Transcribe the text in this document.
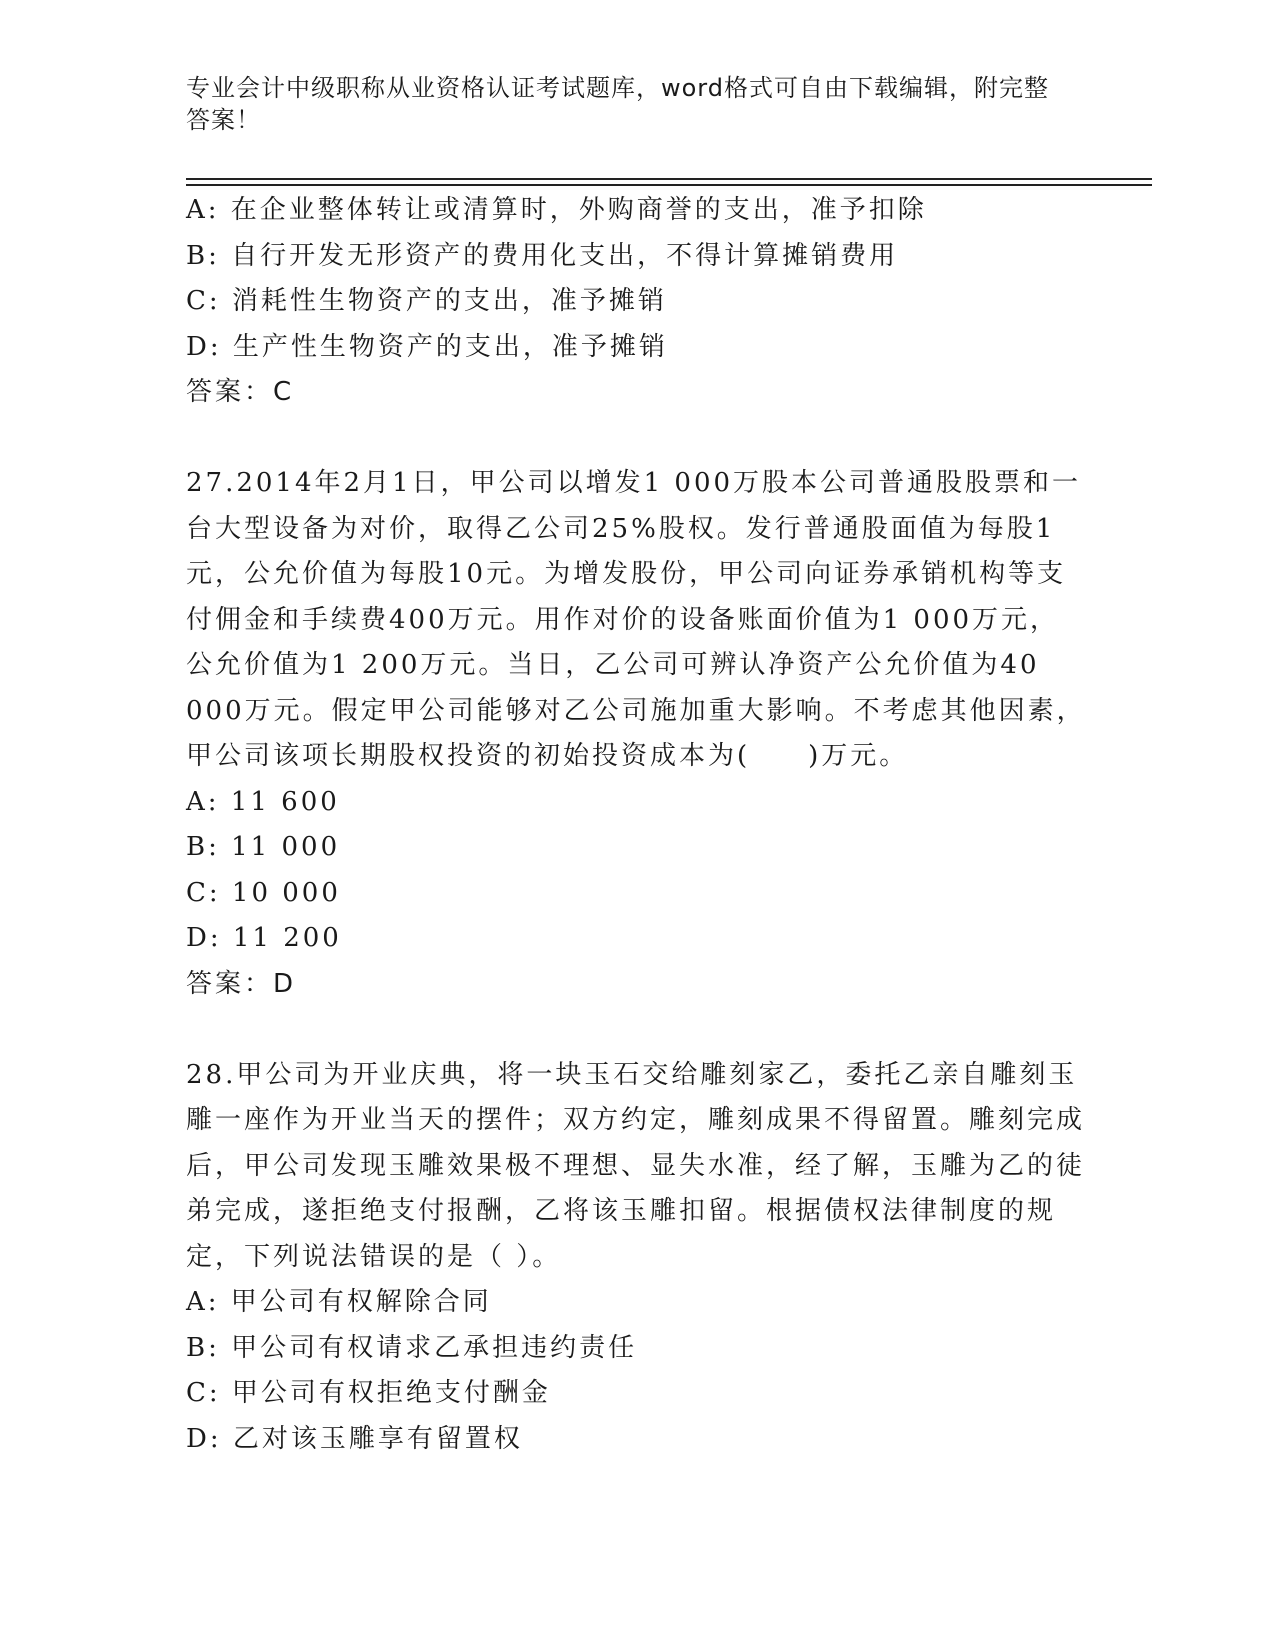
专业会计中级职称从业资格认证考试题库，word格式可自由下载编辑，附完整答案！
A: 在企业整体转让或清算时，外购商誉的支出，准予扣除
B: 自行开发无形资产的费用化支出，不得计算摊销费用
C: 消耗性生物资产的支出，准予摊销
D: 生产性生物资产的支出，准予摊销
答案：C
27.2014年2月1日，甲公司以增发1 000万股本公司普通股股票和一台大型设备为对价，取得乙公司25%股权。发行普通股面值为每股1元，公允价值为每股10元。为增发股份，甲公司向证券承销机构等支付佣金和手续费400万元。用作对价的设备账面价值为1 000万元，公允价值为1 200万元。当日，乙公司可辨认净资产公允价值为40 000万元。假定甲公司能够对乙公司施加重大影响。不考虑其他因素，甲公司该项长期股权投资的初始投资成本为(　　)万元。
A: 11 600
B: 11 000
C: 10 000
D: 11 200
答案：D
28.甲公司为开业庆典，将一块玉石交给雕刻家乙，委托乙亲自雕刻玉雕一座作为开业当天的摆件；双方约定，雕刻成果不得留置。雕刻完成后，甲公司发现玉雕效果极不理想、显失水准，经了解，玉雕为乙的徒弟完成，遂拒绝支付报酬，乙将该玉雕扣留。根据债权法律制度的规定，下列说法错误的是（ ）。
A: 甲公司有权解除合同
B: 甲公司有权请求乙承担违约责任
C: 甲公司有权拒绝支付酬金
D: 乙对该玉雕享有留置权
